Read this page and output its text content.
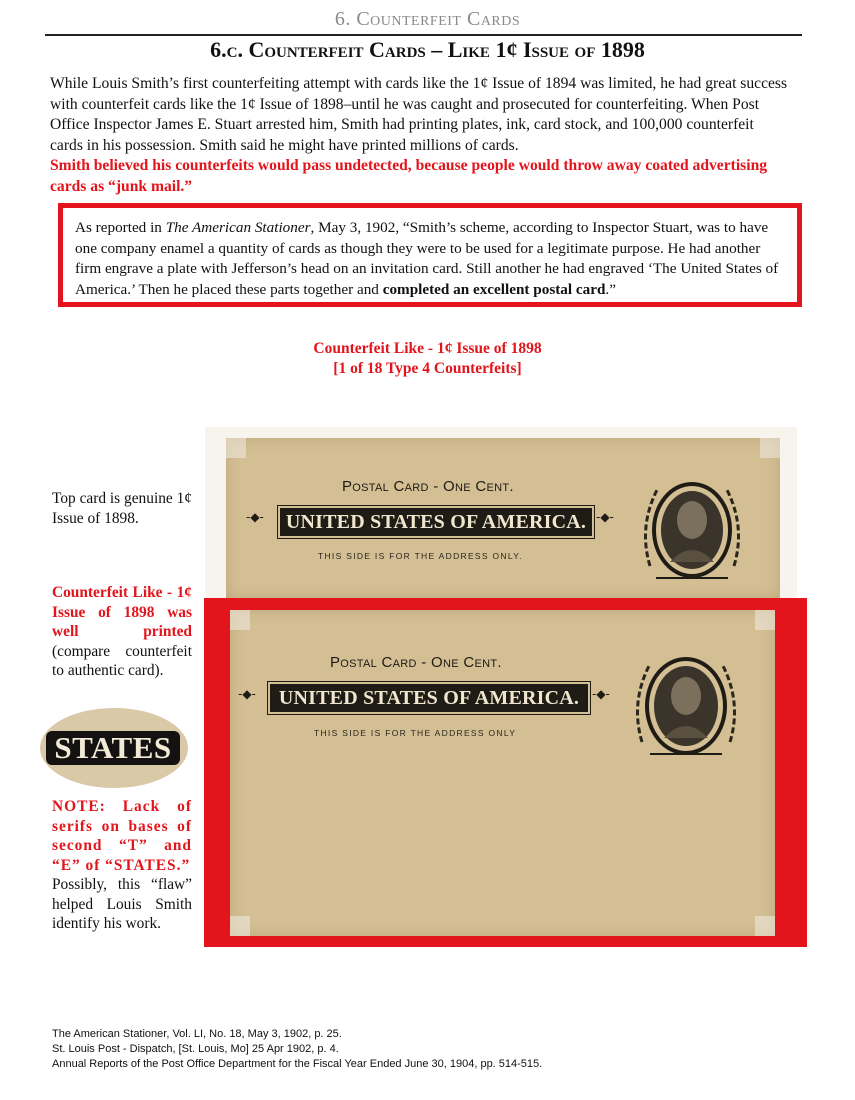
6. Counterfeit Cards
6.c. Counterfeit Cards – Like 1¢ Issue of 1898
While Louis Smith’s first counterfeiting attempt with cards like the 1¢ Issue of 1894 was limited, he had great success with counterfeit cards like the 1¢ Issue of 1898–until he was caught and prosecuted for counterfeiting. When Post Office Inspector James E. Stuart arrested him, Smith had printing plates, ink, card stock, and 100,000 counterfeit cards in his possession. Smith said he might have printed millions of cards.
Smith believed his counterfeits would pass undetected, because people would throw away coated advertising cards as “junk mail.”
As reported in The American Stationer, May 3, 1902, “Smith’s scheme, according to Inspector Stuart, was to have one company enamel a quantity of cards as though they were to be used for a legitimate purpose. He had another firm engrave a plate with Jefferson’s head on an invitation card. Still another he had engraved ‘The United States of America.’ Then he placed these parts together and completed an excellent postal card.”
Counterfeit Like - 1¢ Issue of 1898
[1 of 18 Type 4 Counterfeits]
Top card is genuine 1¢ Issue of 1898.
Counterfeit Like - 1¢ Issue of 1898 was well printed (compare counterfeit to authentic card).
STATES
NOTE: Lack of serifs on bases of second “T” and “E” of “STATES.”
Possibly, this “flaw” helped Louis Smith identify his work.
Postal Card - One Cent.
-◆- UNITED STATES OF AMERICA. -◆-
THIS SIDE IS FOR THE ADDRESS ONLY.
Postal Card - One Cent.
-◆-	UNITED STATES OF AMERICA.	-◆-
THIS SIDE IS FOR THE ADDRESS ONLY
The American Stationer, Vol. LI, No. 18, May 3, 1902, p. 25.
St. Louis Post - Dispatch, [St. Louis, Mo] 25 Apr 1902, p. 4.
Annual Reports of the Post Office Department for the Fiscal Year Ended June 30, 1904, pp. 514-515.
